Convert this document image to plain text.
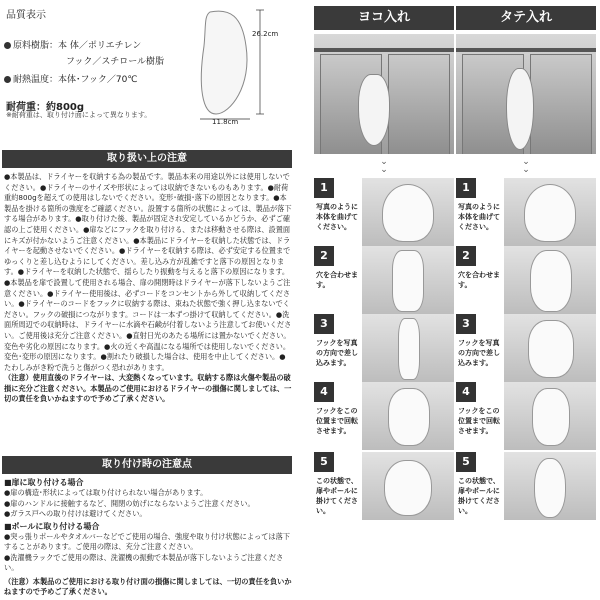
品質表示
原料樹脂：本 体／ポリエチレン
フック／スチロール樹脂
耐熱温度：本体･フック／70℃
耐荷重：約800g
※耐荷重は、取り付け面によって異なります。
26.2cm
11.8cm
取り扱い上の注意
●本製品は、ドライヤーを収納する為の製品です。製品本来の用途以外には使用しないでください。●ドライヤーのサイズや形状によっては収納できないものもあります。●耐荷重約800gを超えての使用はしないでください。変形･破損･落下の原因となります。●本製品を掛ける箇所の強度をご確認ください。設置する箇所の状態によっては、製品が落下する場合があります。●取り付けた後、製品が固定され安定しているかどうか、必ずご確認の上ご使用ください。●扉などにフックを取り付ける、または移動させる際は、設置面にキズが付かないようご注意ください。●本製品にドライヤーを収納した状態では、ドライヤーを起動させないでください。●ドライヤーを収納する際は、必ず安定する位置までゆっくりと差し込むようにしてください。差し込み方が乱雑ですと落下の原因となります。●ドライヤーを収納した状態で、揺らしたり振動を与えると落下の原因になります。●本製品を扉で設置して使用される場合、扉の開閉時はドライヤーが落下しないようご注意ください。●ドライヤー使用後は、必ずコードをコンセントから外して収納してください。●ドライヤーのコードをフックに収納する際は、束ねた状態で強く押し込まないでください。フックの破損につながります。コードは一本ずつ掛けて収納してください。●洗面所周辺での収納時は、ドライヤーに水滴や石鹸が付着しないよう注意してお使いください。ご使用後は充分ご注意ください。●直射日光のあたる場所には置かないでください。変色や劣化の原因になります。●火の近くや高温になる場所では使用しないでください。変色･変形の原因になります。●割れたり破損した場合は、使用を中止してください。●たわしみがき粉で洗うと傷がつく恐れがあります。
（注意）使用直後のドライヤーは、大変熱くなっています。収納する際は火傷や製品の破損に充分ご注意ください。本製品のご使用におけるドライヤーの損傷に関しましては、一切の責任を負いかねますので予めご了承ください。
取り付け時の注意点
■扉に取り付ける場合
●扉の構造･形状によっては取り付けられない場合があります。
●扉のハンドルに接触するなど、開閉の妨げにならないようご注意ください。
●ガラス戸への取り付けは避けてください。
■ポールに取り付ける場合
●突っ張りポールやタオルバーなどでご使用の場合、強度や取り付け状態によっては落下することがあります。ご使用の際は、充分ご注意ください。
●洗濯機ラックでご使用の際は、洗濯機の振動で本製品が落下しないようご注意ください。
（注意）本製品のご使用における取り付け面の損傷に関しましては、一切の責任を負いかねますので予めご了承ください。
ヨコ入れ
⌄
⌄
タテ入れ
⌄
⌄
1
写真のように本体を曲げてください。
2
穴を合わせます。
3
フックを写真の方向で差し込みます。
4
フックをこの位置まで回転させます。
5
この状態で、扉やポールに掛けてください。
1
写真のように本体を曲げてください。
2
穴を合わせます。
3
フックを写真の方向で差し込みます。
4
フックをこの位置まで回転させます。
5
この状態で、扉やポールに掛けてください。
